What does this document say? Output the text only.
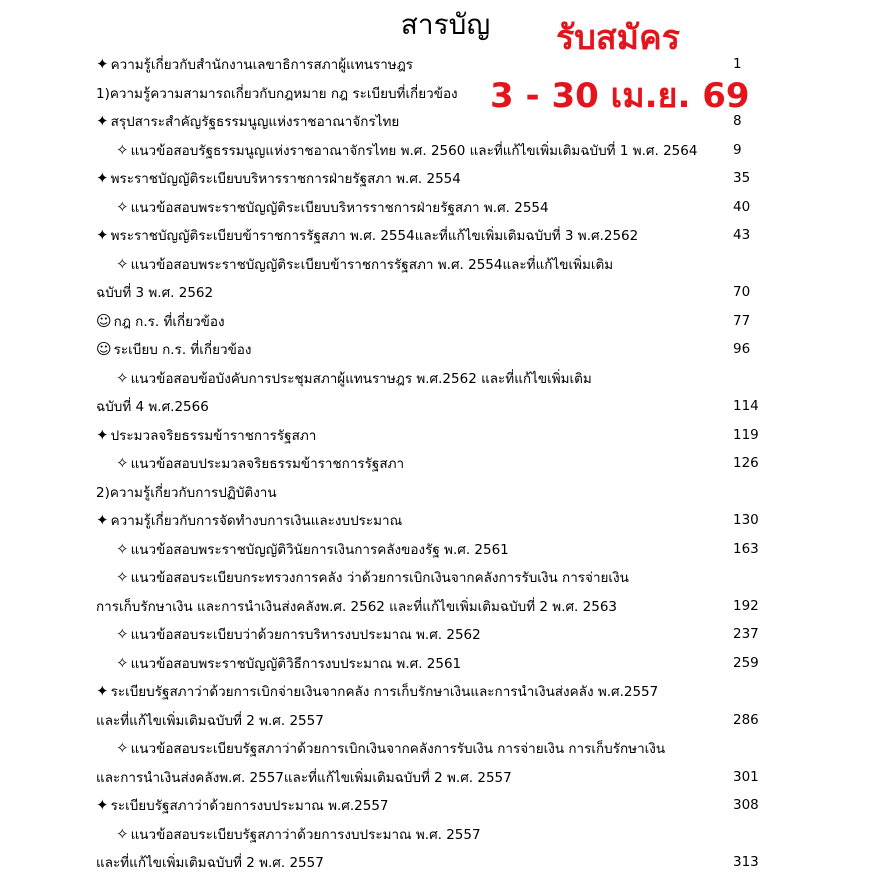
สารบัญ	รับสมัคร
3 - 30 เม.ย. 69
✦ ความรู้เกี่ยวกับสำนักงานเลขาธิการสภาผู้แทนราษฎร	1
1)ความรู้ความสามารถเกี่ยวกับกฎหมาย กฎ ระเบียบที่เกี่ยวข้อง
✦ สรุปสาระสำคัญรัฐธรรมนูญแห่งราชอาณาจักรไทย	8
✧ แนวข้อสอบรัฐธรรมนูญแห่งราชอาณาจักรไทย พ.ศ. 2560 และที่แก้ไขเพิ่มเติมฉบับที่ 1 พ.ศ. 2564	9
✦ พระราชบัญญัติระเบียบบริหารราชการฝ่ายรัฐสภา พ.ศ. 2554	35
✧ แนวข้อสอบพระราชบัญญัติระเบียบบริหารราชการฝ่ายรัฐสภา พ.ศ. 2554	40
✦ พระราชบัญญัติระเบียบข้าราชการรัฐสภา พ.ศ. 2554และที่แก้ไขเพิ่มเติมฉบับที่ 3 พ.ศ.2562	43
✧ แนวข้อสอบพระราชบัญญัติระเบียบข้าราชการรัฐสภา พ.ศ. 2554และที่แก้ไขเพิ่มเติม
ฉบับที่ 3 พ.ศ. 2562	70
☺ กฎ ก.ร. ที่เกี่ยวข้อง	77
☺ ระเบียบ ก.ร. ที่เกี่ยวข้อง	96
✧ แนวข้อสอบข้อบังคับการประชุมสภาผู้แทนราษฎร พ.ศ.2562 และที่แก้ไขเพิ่มเติม
ฉบับที่ 4 พ.ศ.2566	114
✦ ประมวลจริยธรรมข้าราชการรัฐสภา	119
✧ แนวข้อสอบประมวลจริยธรรมข้าราชการรัฐสภา	126
2)ความรู้เกี่ยวกับการปฏิบัติงาน
✦ ความรู้เกี่ยวกับการจัดทำงบการเงินและงบประมาณ	130
✧ แนวข้อสอบพระราชบัญญัติวินัยการเงินการคลังของรัฐ พ.ศ. 2561	163
✧ แนวข้อสอบระเบียบกระทรวงการคลัง ว่าด้วยการเบิกเงินจากคลังการรับเงิน การจ่ายเงิน
การเก็บรักษาเงิน และการนำเงินส่งคลังพ.ศ. 2562 และที่แก้ไขเพิ่มเติมฉบับที่ 2 พ.ศ. 2563	192
✧ แนวข้อสอบระเบียบว่าด้วยการบริหารงบประมาณ พ.ศ. 2562	237
✧ แนวข้อสอบพระราชบัญญัติวิธีการงบประมาณ พ.ศ. 2561	259
✦ ระเบียบรัฐสภาว่าด้วยการเบิกจ่ายเงินจากคลัง การเก็บรักษาเงินและการนำเงินส่งคลัง พ.ศ.2557
และที่แก้ไขเพิ่มเติมฉบับที่ 2 พ.ศ. 2557	286
✧ แนวข้อสอบระเบียบรัฐสภาว่าด้วยการเบิกเงินจากคลังการรับเงิน การจ่ายเงิน การเก็บรักษาเงิน
และการนำเงินส่งคลังพ.ศ. 2557และที่แก้ไขเพิ่มเติมฉบับที่ 2 พ.ศ. 2557	301
✦ ระเบียบรัฐสภาว่าด้วยการงบประมาณ พ.ศ.2557	308
✧ แนวข้อสอบระเบียบรัฐสภาว่าด้วยการงบประมาณ พ.ศ. 2557
และที่แก้ไขเพิ่มเติมฉบับที่ 2 พ.ศ. 2557	313
